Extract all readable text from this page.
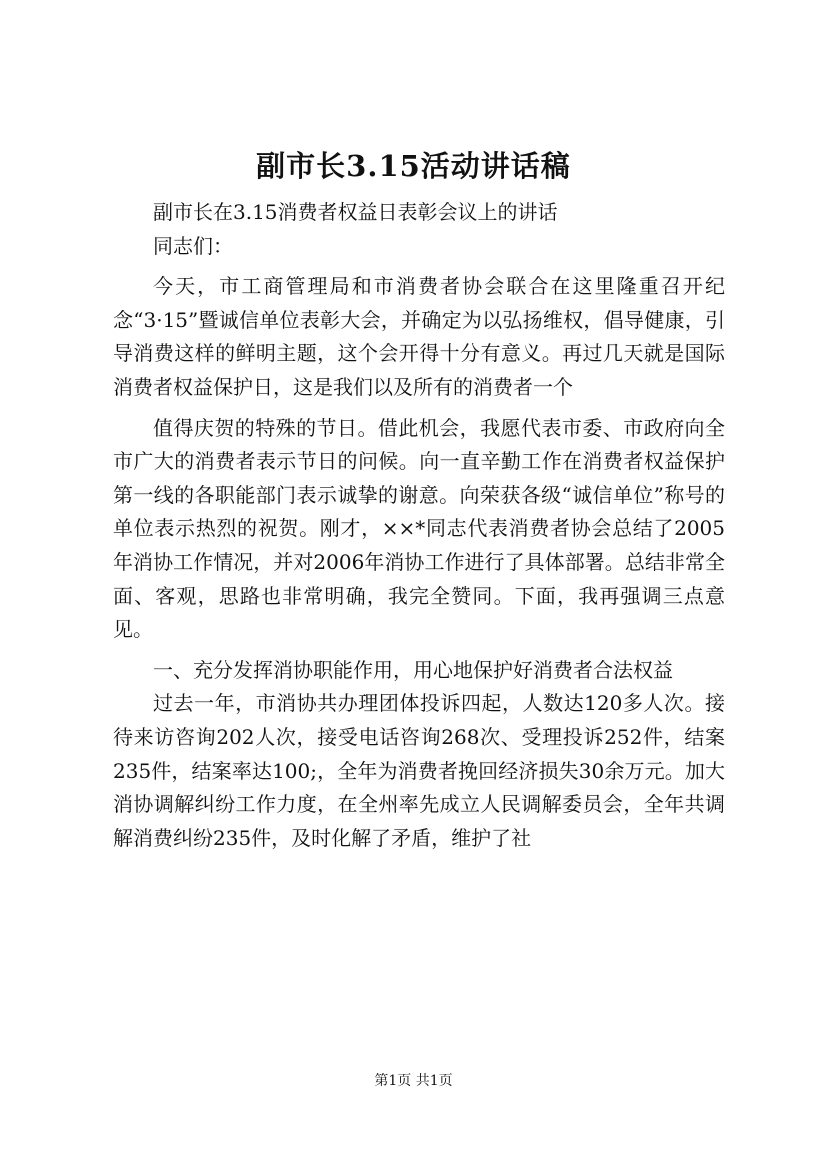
副市长3.15活动讲话稿

副市长在3.15消费者权益日表彰会议上的讲话

同志们：

今天，市工商管理局和市消费者协会联合在这里隆重召开纪念“3·15”暨诚信单位表彰大会，并确定为以弘扬维权，倡导健康，引导消费这样的鲜明主题，这个会开得十分有意义。再过几天就是国际消费者权益保护日，这是我们以及所有的消费者一个

值得庆贺的特殊的节日。借此机会，我愿代表市委、市政府向全市广大的消费者表示节日的问候。向一直辛勤工作在消费者权益保护第一线的各职能部门表示诚挚的谢意。向荣获各级“诚信单位”称号的单位表示热烈的祝贺。刚才，××*同志代表消费者协会总结了2005年消协工作情况，并对2006年消协工作进行了具体部署。总结非常全面、客观，思路也非常明确，我完全赞同。下面，我再强调三点意见。

一、充分发挥消协职能作用，用心地保护好消费者合法权益

过去一年，市消协共办理团体投诉四起，人数达120多人次。接待来访咨询202人次，接受电话咨询268次、受理投诉252件，结案235件，结案率达100;，全年为消费者挽回经济损失30余万元。加大消协调解纠纷工作力度，在全州率先成立人民调解委员会，全年共调解消费纠纷235件，及时化解了矛盾，维护了社

第1页 共1页
